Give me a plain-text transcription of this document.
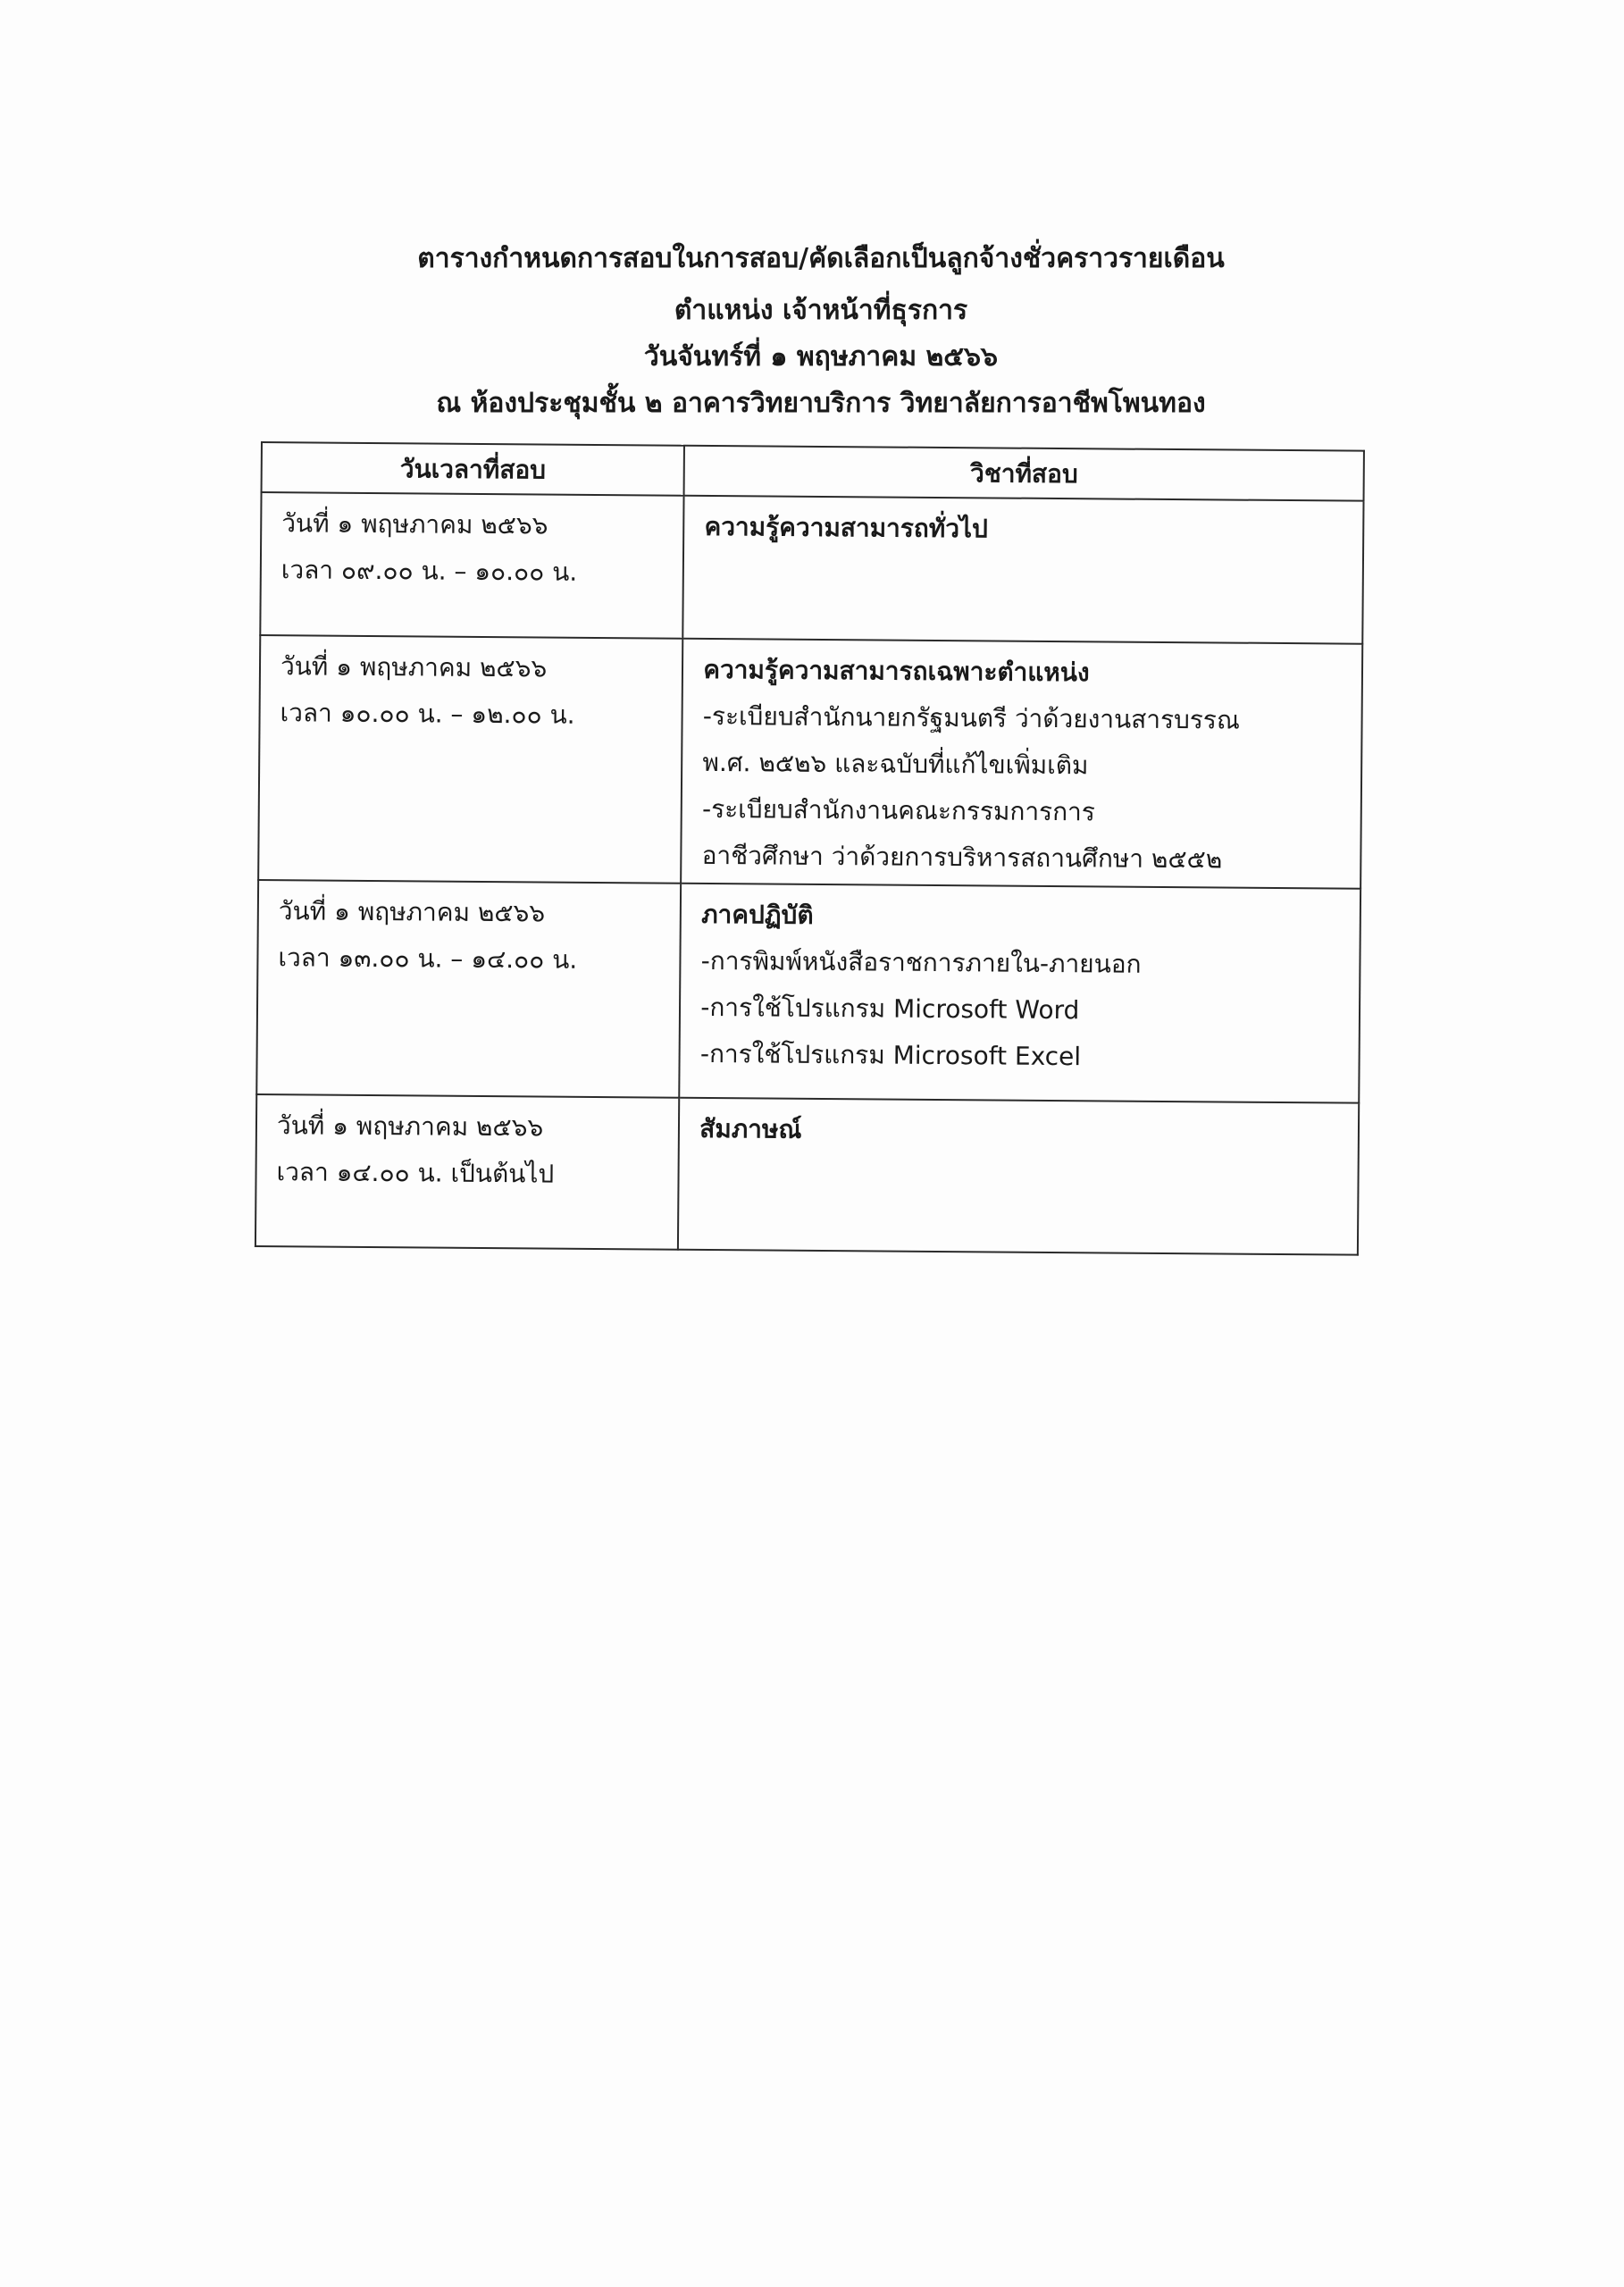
ตารางกำหนดการสอบในการสอบ/คัดเลือกเป็นลูกจ้างชั่วคราวรายเดือน
ตำแหน่ง เจ้าหน้าที่ธุรการ
วันจันทร์ที่ ๑ พฤษภาคม ๒๕๖๖
ณ ห้องประชุมชั้น ๒ อาคารวิทยาบริการ วิทยาลัยการอาชีพโพนทอง
วันเวลาที่สอบ	วิชาที่สอบ

วันที่ ๑ พฤษภาคม ๒๕๖๖
เวลา ๐๙.๐๐ น. – ๑๐.๐๐ น.	ความรู้ความสามารถทั่วไป

วันที่ ๑ พฤษภาคม ๒๕๖๖
เวลา ๑๐.๐๐ น. – ๑๒.๐๐ น.	ความรู้ความสามารถเฉพาะตำแหน่ง
-ระเบียบสำนักนายกรัฐมนตรี ว่าด้วยงานสารบรรณ
พ.ศ. ๒๕๒๖ และฉบับที่แก้ไขเพิ่มเติม
-ระเบียบสำนักงานคณะกรรมการการ
อาชีวศึกษา ว่าด้วยการบริหารสถานศึกษา ๒๕๕๒

วันที่ ๑ พฤษภาคม ๒๕๖๖
เวลา ๑๓.๐๐ น. – ๑๔.๐๐ น.	ภาคปฏิบัติ
-การพิมพ์หนังสือราชการภายใน-ภายนอก
-การใช้โปรแกรม Microsoft Word
-การใช้โปรแกรม Microsoft Excel

วันที่ ๑ พฤษภาคม ๒๕๖๖
เวลา ๑๔.๐๐ น. เป็นต้นไป	สัมภาษณ์
